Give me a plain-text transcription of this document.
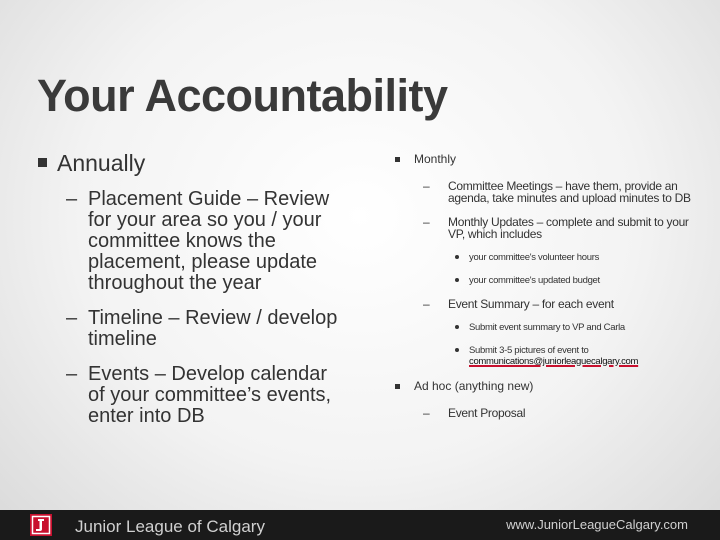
Your Accountability
Annually
– Placement Guide – Review for your area so you / your committee knows the placement, please update throughout the year
– Timeline – Review / develop timeline
– Events – Develop calendar of your committee’s events, enter into DB
Monthly
–	Committee Meetings – have them, provide an agenda, take minutes and upload minutes to DB
–	Monthly Updates – complete and submit to your VP, which includes
your committee's volunteer hours
your committee's updated budget
–	Event Summary – for each event
Submit event summary to VP and Carla
Submit 3-5 pictures of event to
communications@juniorleaguecalgary.com
Ad hoc (anything new)
–	Event Proposal
Junior League of Calgary	www.JuniorLeagueCalgary.com
